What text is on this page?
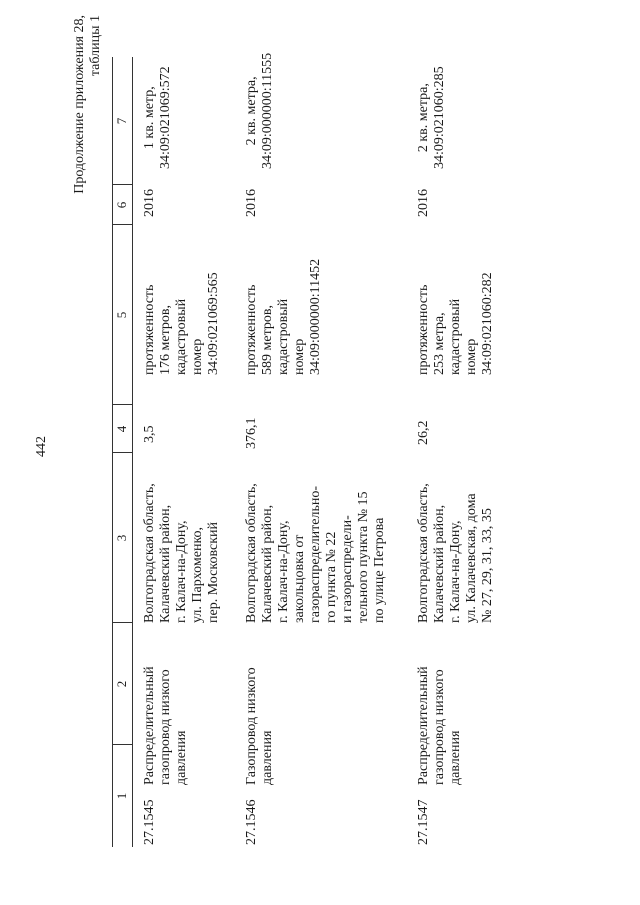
442
Продолжение приложения 28,
таблицы 1
1
2
3
4
5
6
7
27.1545
Распределительный
газопровод низкого
давления
Волгоградская область,
Калачевский район,
г. Калач-на-Дону,
ул. Пархоменко,
пер. Московский
3,5
протяженность
176 метров,
кадастровый
номер
34:09:021069:565
2016
1 кв. метр,
34:09:021069:572
27.1546
Газопровод низкого
давления
Волгоградская область,
Калачевский район,
г. Калач-на-Дону,
закольцовка от
газораспределительно-
го пункта № 22
и газораспредели-
тельного пункта № 15
по улице Петрова
376,1
протяженность
589 метров,
кадастровый
номер
34:09:000000:11452
2016
2 кв. метра,
34:09:000000:11555
27.1547
Распределительный
газопровод низкого
давления
Волгоградская область,
Калачевский район,
г. Калач-на-Дону,
ул. Калачевская, дома
№ 27, 29, 31, 33, 35
26,2
протяженность
253 метра,
кадастровый
номер
34:09:021060:282
2016
2 кв. метра,
34:09:021060:285
